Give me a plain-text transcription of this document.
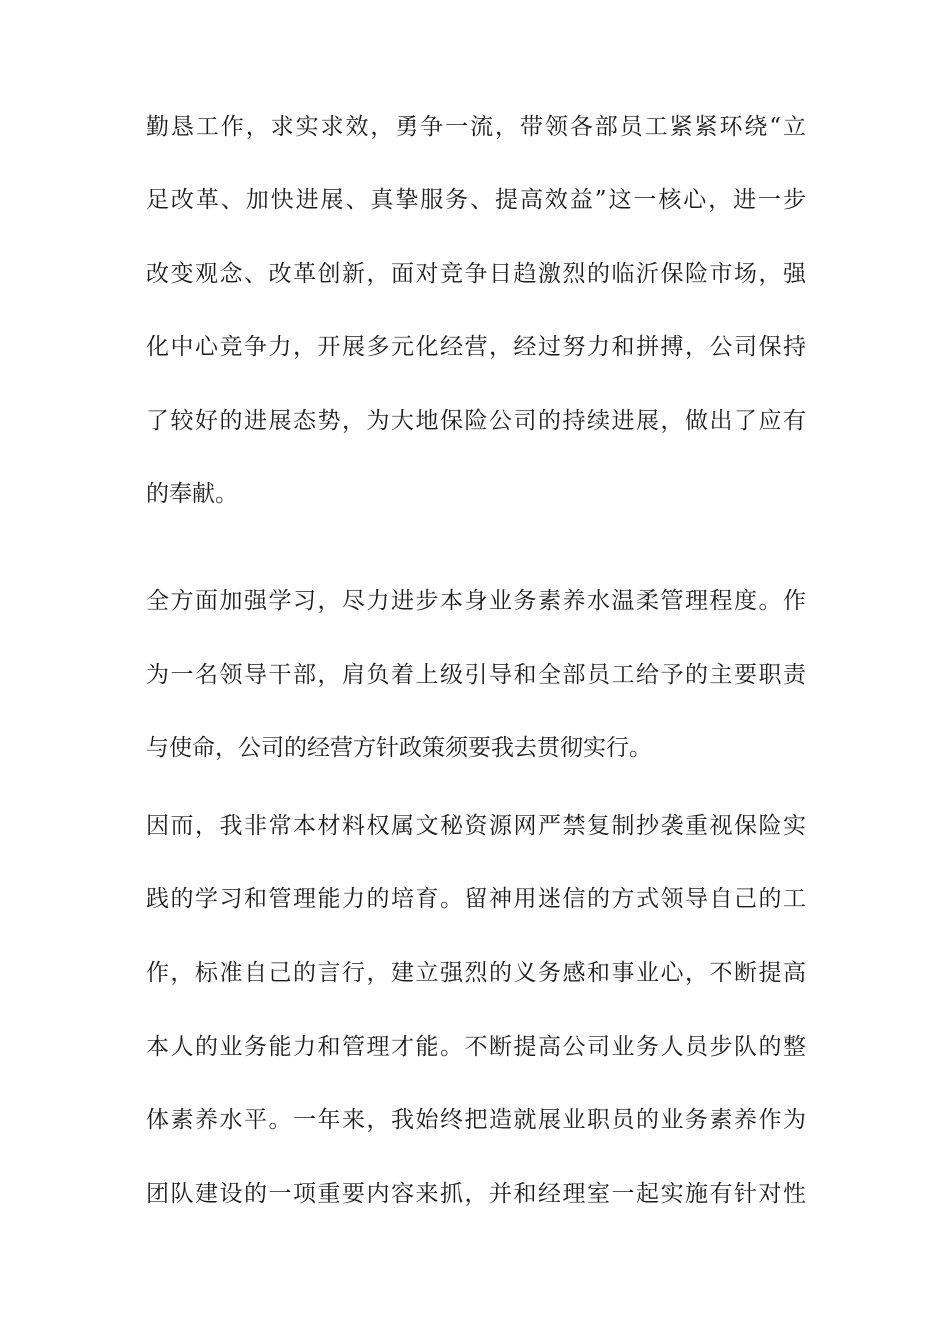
勤恳工作，求实求效，勇争一流，带领各部员工紧紧环绕“立
足改革、加快进展、真挚服务、提高效益”这一核心，进一步
改变观念、改革创新，面对竞争日趋激烈的临沂保险市场，强
化中心竞争力，开展多元化经营，经过努力和拼搏，公司保持
了较好的进展态势，为大地保险公司的持续进展，做出了应有
的奉献。
全方面加强学习，尽力进步本身业务素养水温柔管理程度。作
为一名领导干部，肩负着上级引导和全部员工给予的主要职责
与使命，公司的经营方针政策须要我去贯彻实行。
因而，我非常本材料权属文秘资源网严禁复制抄袭重视保险实
践的学习和管理能力的培育。留神用迷信的方式领导自己的工
作，标准自己的言行，建立强烈的义务感和事业心，不断提高
本人的业务能力和管理才能。不断提高公司业务人员步队的整
体素养水平。一年来，我始终把造就展业职员的业务素养作为
团队建设的一项重要内容来抓，并和经理室一起实施有针对性
